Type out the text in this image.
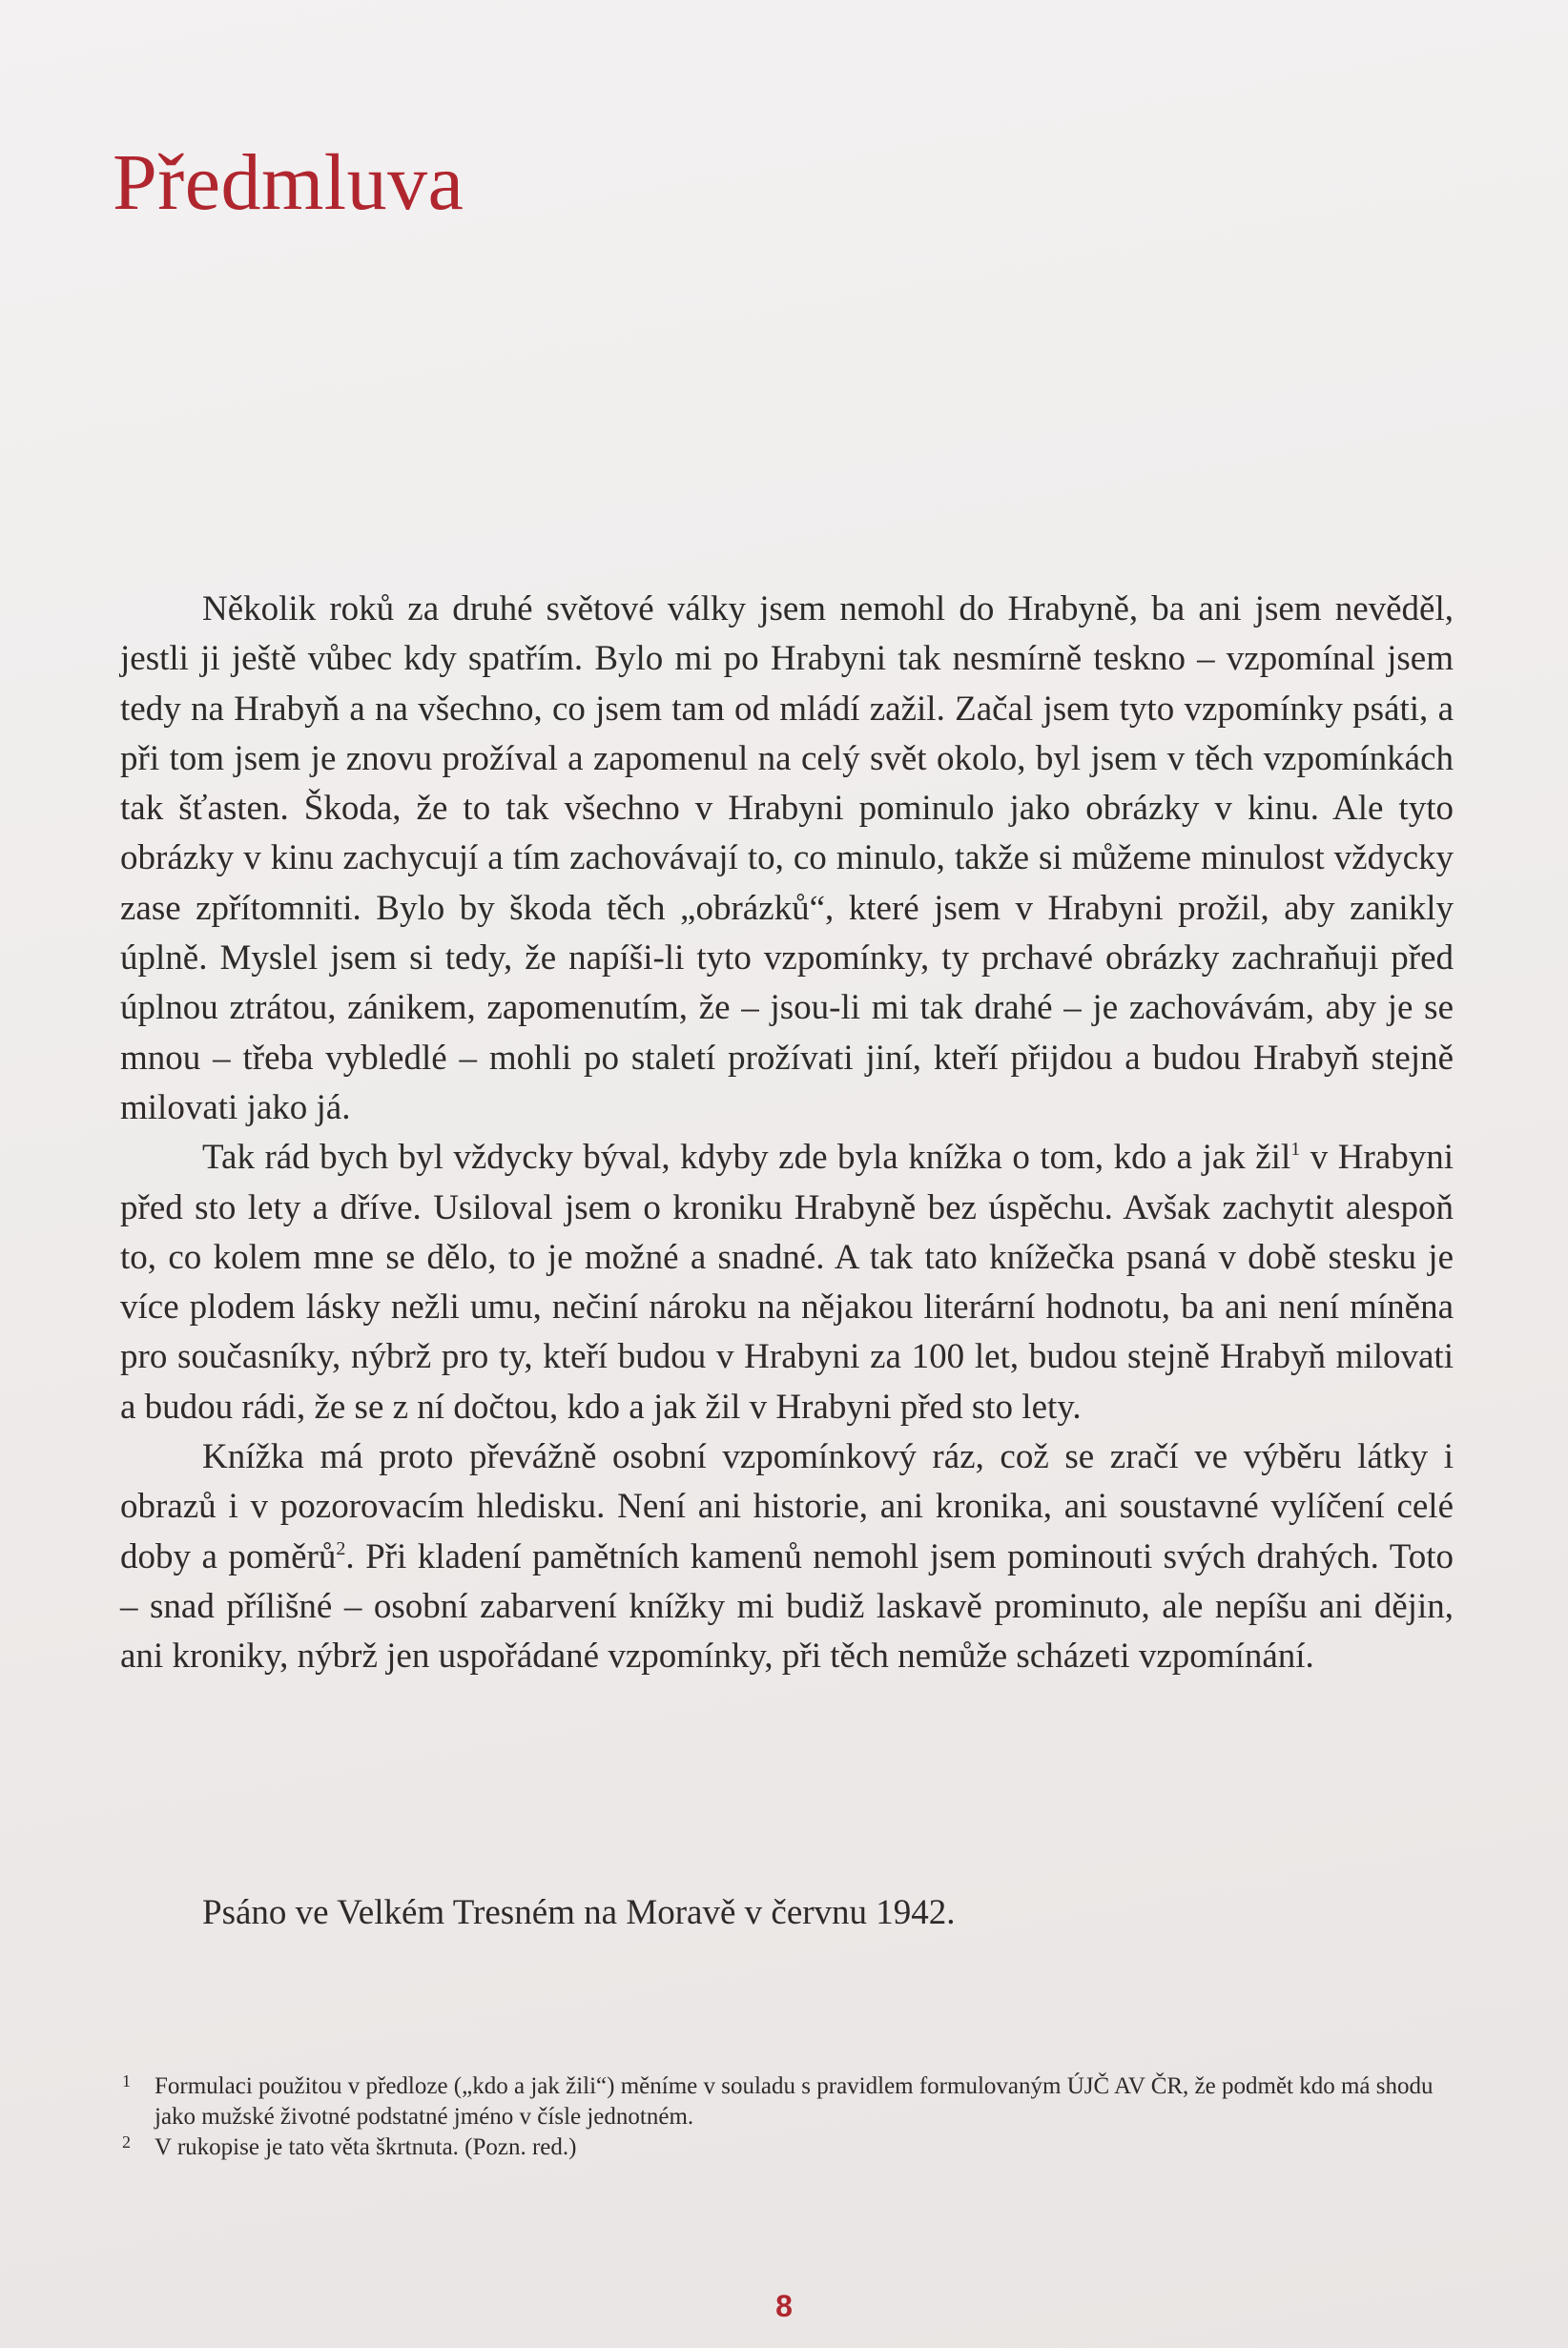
Předmluva

Několik roků za druhé světové války jsem nemohl do Hrabyně, ba ani jsem nevěděl, jestli ji ještě vůbec kdy spatřím. Bylo mi po Hrabyni tak nesmírně teskno – vzpomínal jsem tedy na Hrabyň a na všechno, co jsem tam od mládí zažil. Začal jsem tyto vzpomínky psáti, a při tom jsem je znovu prožíval a zapomenul na celý svět okolo, byl jsem v těch vzpomínkách tak šťasten. Škoda, že to tak všechno v Hrabyni pominulo jako obrázky v kinu. Ale tyto obrázky v kinu zachycují a tím zachovávají to, co minulo, takže si můžeme minulost vždycky zase zpřítomniti. Bylo by škoda těch „obrázků“, které jsem v Hrabyni prožil, aby zanikly úplně. Myslel jsem si tedy, že napíši-li tyto vzpomínky, ty prchavé obrázky zachraňuji před úplnou ztrátou, zánikem, zapomenutím, že – jsou-li mi tak drahé – je zachovávám, aby je se mnou – třeba vybledlé – mohli po staletí prožívati jiní, kteří přijdou a budou Hrabyň stejně milovati jako já.

Tak rád bych byl vždycky býval, kdyby zde byla knížka o tom, kdo a jak žil$^1$ v Hrabyni před sto lety a dříve. Usiloval jsem o kroniku Hrabyně bez úspěchu. Avšak zachytit alespoň to, co kolem mne se dělo, to je možné a snadné. A tak tato knížečka psaná v době stesku je více plodem lásky nežli umu, nečiní nároku na nějakou literární hodnotu, ba ani není míněna pro současníky, nýbrž pro ty, kteří budou v Hrabyni za 100 let, budou stejně Hrabyň milovati a budou rádi, že se z ní dočtou, kdo a jak žil v Hrabyni před sto lety.

Knížka má proto převážně osobní vzpomínkový ráz, což se zračí ve výběru látky i obrazů i v pozorovacím hledisku. Není ani historie, ani kronika, ani soustavné vylíčení celé doby a poměrů$^2$. Při kladení pamětních kamenů nemohl jsem pominouti svých drahých. Toto – snad přílišné – osobní zabarvení knížky mi budiž laskavě prominuto, ale nepíšu ani dějin, ani kroniky, nýbrž jen uspořádané vzpomínky, při těch nemůže scházeti vzpomínání.

Psáno ve Velkém Tresném na Moravě v červnu 1942.

1 Formulaci použitou v předloze („kdo a jak žili“) měníme v souladu s pravidlem formulovaným ÚJČ AV ČR, že podmět kdo má shodu jako mužské životné podstatné jméno v čísle jednotném.

2 V rukopise je tato věta škrtnuta. (Pozn. red.)

8
